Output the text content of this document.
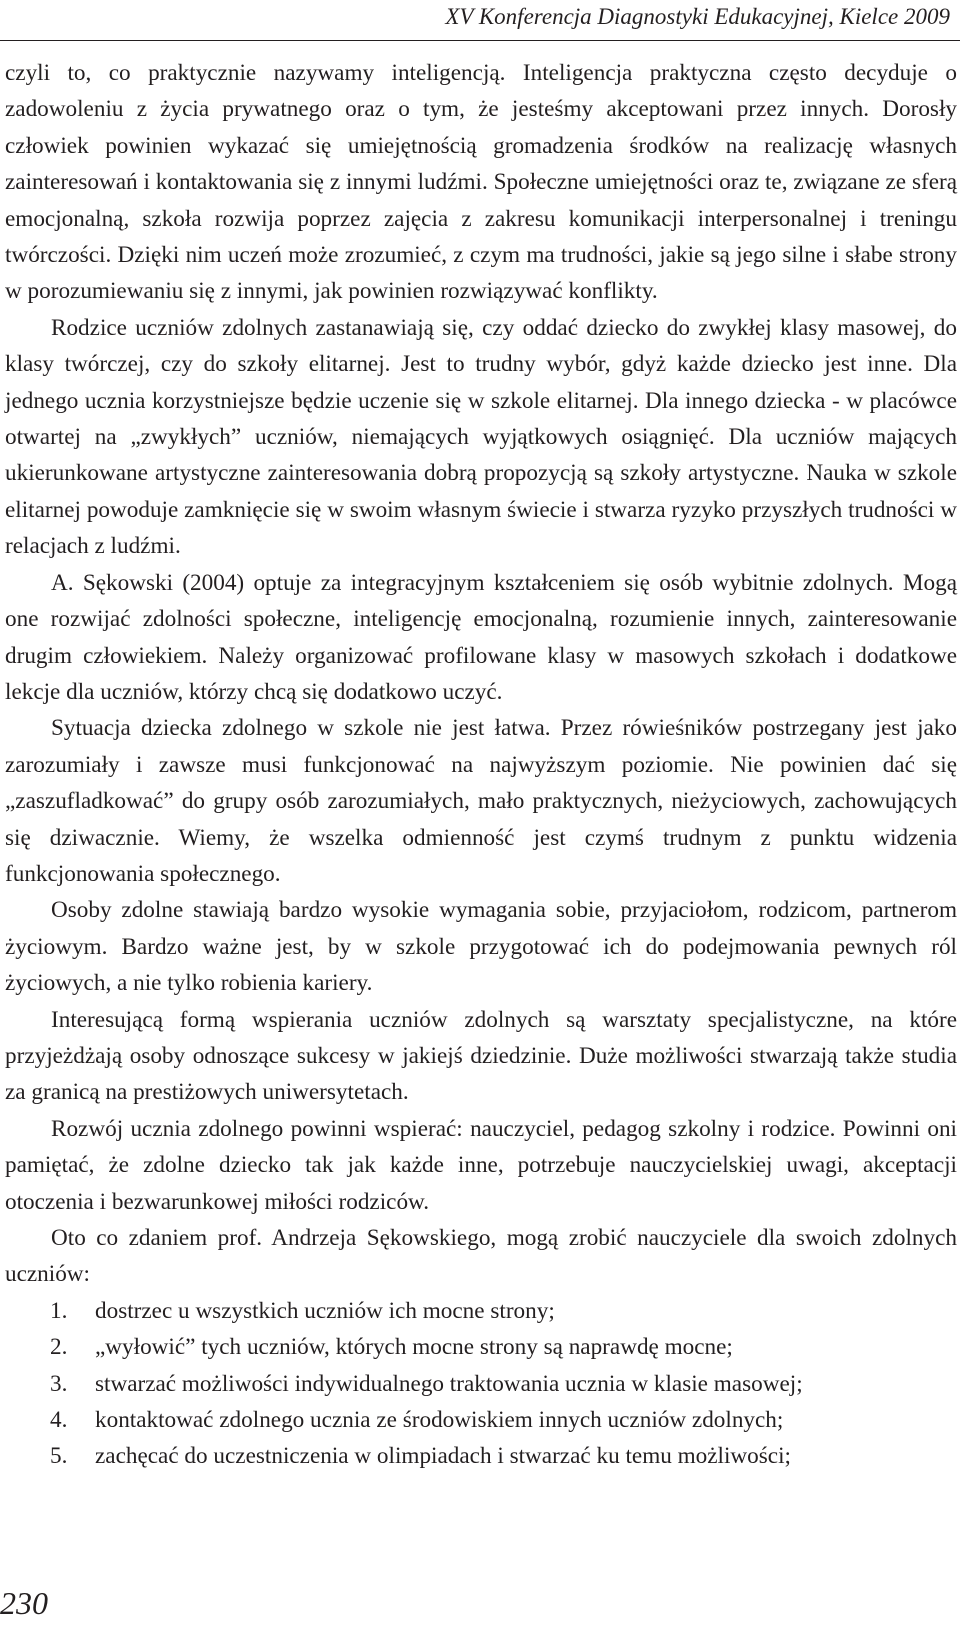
XV Konferencja Diagnostyki Edukacyjnej, Kielce 2009

czyli to, co praktycznie nazywamy inteligencją. Inteligencja praktyczna często decyduje o zadowoleniu z życia prywatnego oraz o tym, że jesteśmy akceptowani przez innych. Dorosły człowiek powinien wykazać się umiejętnością gromadzenia środków na realizację własnych zainteresowań i kontaktowania się z innymi ludźmi. Społeczne umiejętności oraz te, związane ze sferą emocjonalną, szkoła rozwija poprzez zajęcia z zakresu komunikacji interpersonalnej i treningu twórczości. Dzięki nim uczeń może zrozumieć, z czym ma trudności, jakie są jego silne i słabe strony w porozumiewaniu się z innymi, jak powinien rozwiązywać konflikty.

Rodzice uczniów zdolnych zastanawiają się, czy oddać dziecko do zwykłej klasy masowej, do klasy twórczej, czy do szkoły elitarnej. Jest to trudny wybór, gdyż każde dziecko jest inne. Dla jednego ucznia korzystniejsze będzie uczenie się w szkole elitarnej. Dla innego dziecka - w placówce otwartej na „zwykłych” uczniów, niemających wyjątkowych osiągnięć. Dla uczniów mających ukierunkowane artystyczne zainteresowania dobrą propozycją są szkoły artystyczne. Nauka w szkole elitarnej powoduje zamknięcie się w swoim własnym świecie i stwarza ryzyko przyszłych trudności w relacjach z ludźmi.

A. Sękowski (2004) optuje za integracyjnym kształceniem się osób wybitnie zdolnych. Mogą one rozwijać zdolności społeczne, inteligencję emocjonalną, rozumienie innych, zainteresowanie drugim człowiekiem. Należy organizować profilowane klasy w masowych szkołach i dodatkowe lekcje dla uczniów, którzy chcą się dodatkowo uczyć.

Sytuacja dziecka zdolnego w szkole nie jest łatwa. Przez rówieśników postrzegany jest jako zarozumiały i zawsze musi funkcjonować na najwyższym poziomie. Nie powinien dać się „zaszufladkować” do grupy osób zarozumiałych, mało praktycznych, nieżyciowych, zachowujących się dziwacznie. Wiemy, że wszelka odmienność jest czymś trudnym z punktu widzenia funkcjonowania społecznego.

Osoby zdolne stawiają bardzo wysokie wymagania sobie, przyjaciołom, rodzicom, partnerom życiowym. Bardzo ważne jest, by w szkole przygotować ich do podejmowania pewnych ról życiowych, a nie tylko robienia kariery.

Interesującą formą wspierania uczniów zdolnych są warsztaty specjalistyczne, na które przyjeżdżają osoby odnoszące sukcesy w jakiejś dziedzinie. Duże możliwości stwarzają także studia za granicą na prestiżowych uniwersytetach.

Rozwój ucznia zdolnego powinni wspierać: nauczyciel, pedagog szkolny i rodzice. Powinni oni pamiętać, że zdolne dziecko tak jak każde inne, potrzebuje nauczycielskiej uwagi, akceptacji otoczenia i bezwarunkowej miłości rodziców.

Oto co zdaniem prof. Andrzeja Sękowskiego, mogą zrobić nauczyciele dla swoich zdolnych uczniów:

1. dostrzec u wszystkich uczniów ich mocne strony;
2. „wyłowić” tych uczniów, których mocne strony są naprawdę mocne;
3. stwarzać możliwości indywidualnego traktowania ucznia w klasie masowej;
4. kontaktować zdolnego ucznia ze środowiskiem innych uczniów zdolnych;
5. zachęcać do uczestniczenia w olimpiadach i stwarzać ku temu możliwości;
230
